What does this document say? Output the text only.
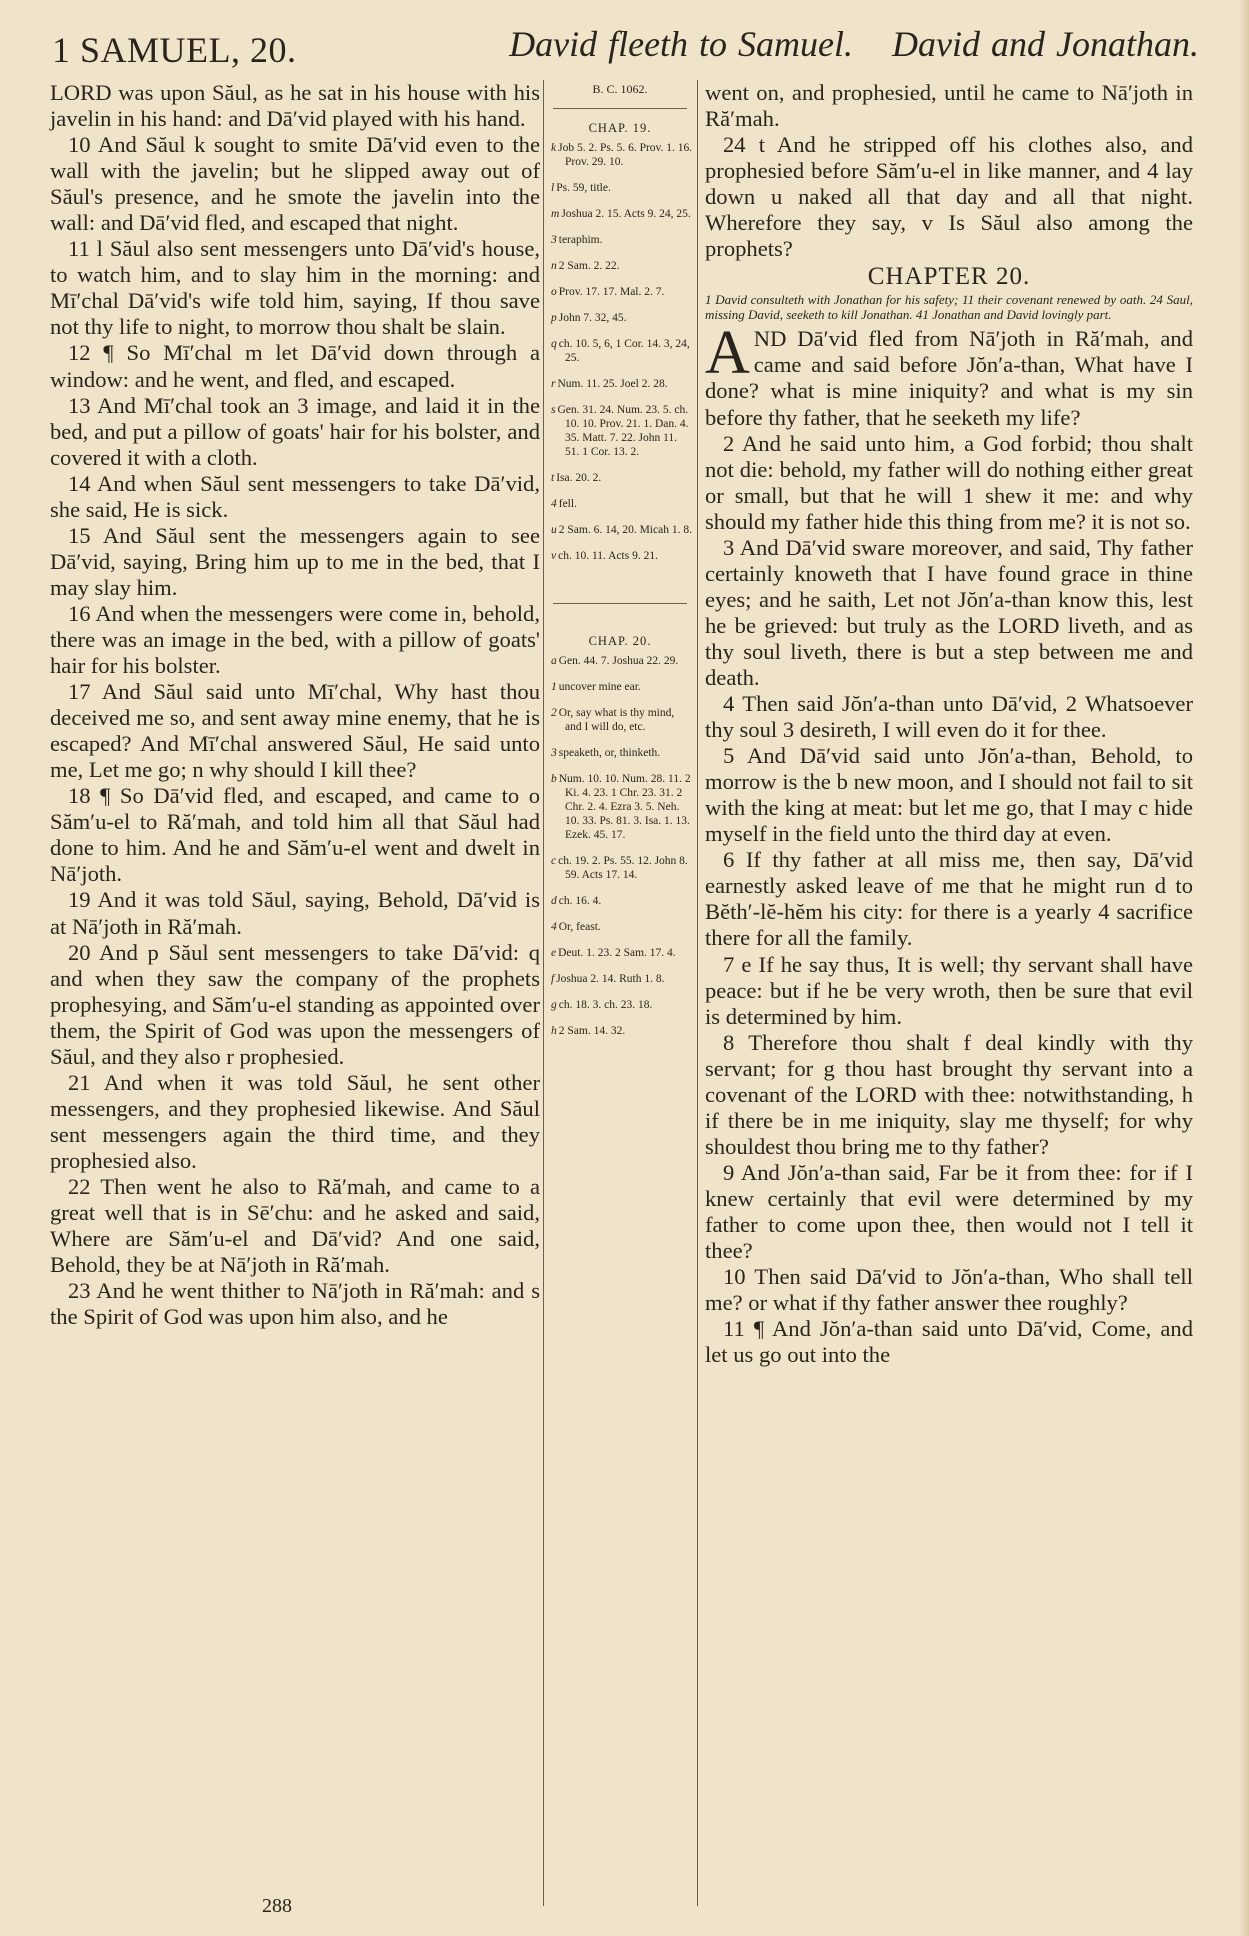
1 SAMUEL, 20.	David fleeth to Samuel. David and Jonathan.

LORD was upon Săul, as he sat in his house with his javelin in his hand: and Dā′vid played with his hand.

10 And Săul k sought to smite Dā′vid even to the wall with the javelin; but he slipped away out of Săul's presence, and he smote the javelin into the wall: and Dā′vid fled, and escaped that night.

11 l Săul also sent messengers unto Dā′vid's house, to watch him, and to slay him in the morning: and Mī′chal Dā′vid's wife told him, saying, If thou save not thy life to night, to morrow thou shalt be slain.

12 ¶ So Mī′chal m let Dā′vid down through a window: and he went, and fled, and escaped.

13 And Mī′chal took an 3 image, and laid it in the bed, and put a pillow of goats' hair for his bolster, and covered it with a cloth.

14 And when Săul sent messengers to take Dā′vid, she said, He is sick.

15 And Săul sent the messengers again to see Dā′vid, saying, Bring him up to me in the bed, that I may slay him.

16 And when the messengers were come in, behold, there was an image in the bed, with a pillow of goats' hair for his bolster.

17 And Săul said unto Mī′chal, Why hast thou deceived me so, and sent away mine enemy, that he is escaped? And Mī′chal answered Săul, He said unto me, Let me go; n why should I kill thee?

18 ¶ So Dā′vid fled, and escaped, and came to o Săm′u-el to Ră′mah, and told him all that Săul had done to him. And he and Săm′u-el went and dwelt in Nā′joth.

19 And it was told Săul, saying, Behold, Dā′vid is at Nā′joth in Ră′mah.

20 And p Săul sent messengers to take Dā′vid: q and when they saw the company of the prophets prophesying, and Săm′u-el standing as appointed over them, the Spirit of God was upon the messengers of Săul, and they also r prophesied.

21 And when it was told Săul, he sent other messengers, and they prophesied likewise. And Săul sent messengers again the third time, and they prophesied also.

22 Then went he also to Ră′mah, and came to a great well that is in Sē′chu: and he asked and said, Where are Săm′u-el and Dā′vid? And one said, Behold, they be at Nā′joth in Ră′mah.

23 And he went thither to Nā′joth in Ră′mah: and s the Spirit of God was upon him also, and he

B. C. 1062.
CHAP. 19.
k Job 5. 2. Ps. 5. 6. Prov. 1. 16. Prov. 29. 10.
l Ps. 59, title.
m Joshua 2. 15. Acts 9. 24, 25.
3 teraphim.
n 2 Sam. 2. 22.
o Prov. 17. 17. Mal. 2. 7.
p John 7. 32, 45.
q ch. 10. 5, 6, 1 Cor. 14. 3, 24, 25.
r Num. 11. 25. Joel 2. 28.
s Gen. 31. 24. Num. 23. 5. ch. 10. 10. Prov. 21. 1. Dan. 4. 35. Matt. 7. 22. John 11. 51. 1 Cor. 13. 2.
t Isa. 20. 2.
4 fell.
u 2 Sam. 6. 14, 20. Micah 1. 8.
v ch. 10. 11. Acts 9. 21.
CHAP. 20.
a Gen. 44. 7. Joshua 22. 29.
1 uncover mine ear.
2 Or, say what is thy mind, and I will do, etc.
3 speaketh, or, thinketh.
b Num. 10. 10. Num. 28. 11. 2 Ki. 4. 23. 1 Chr. 23. 31. 2 Chr. 2. 4. Ezra 3. 5. Neh. 10. 33. Ps. 81. 3. Isa. 1. 13. Ezek. 45. 17.
c ch. 19. 2. Ps. 55. 12. John 8. 59. Acts 17. 14.
d ch. 16. 4.
4 Or, feast.
e Deut. 1. 23. 2 Sam. 17. 4.
f Joshua 2. 14. Ruth 1. 8.
g ch. 18. 3. ch. 23. 18.
h 2 Sam. 14. 32.

went on, and prophesied, until he came to Nā′joth in Ră′mah.

24 t And he stripped off his clothes also, and prophesied before Săm′u-el in like manner, and 4 lay down u naked all that day and all that night. Wherefore they say, v Is Săul also among the prophets?

CHAPTER 20.
1 David consulteth with Jonathan for his safety; 11 their covenant renewed by oath. 24 Saul, missing David, seeketh to kill Jonathan. 41 Jonathan and David lovingly part.

AND Dā′vid fled from Nā′joth in Ră′mah, and came and said before Jŏn′a-than, What have I done? what is mine iniquity? and what is my sin before thy father, that he seeketh my life?

2 And he said unto him, a God forbid; thou shalt not die: behold, my father will do nothing either great or small, but that he will 1 shew it me: and why should my father hide this thing from me? it is not so.

3 And Dā′vid sware moreover, and said, Thy father certainly knoweth that I have found grace in thine eyes; and he saith, Let not Jŏn′a-than know this, lest he be grieved: but truly as the LORD liveth, and as thy soul liveth, there is but a step between me and death.

4 Then said Jŏn′a-than unto Dā′vid, 2 Whatsoever thy soul 3 desireth, I will even do it for thee.

5 And Dā′vid said unto Jŏn′a-than, Behold, to morrow is the b new moon, and I should not fail to sit with the king at meat: but let me go, that I may c hide myself in the field unto the third day at even.

6 If thy father at all miss me, then say, Dā′vid earnestly asked leave of me that he might run d to Bĕth′-lĕ-hĕm his city: for there is a yearly 4 sacrifice there for all the family.

7 e If he say thus, It is well; thy servant shall have peace: but if he be very wroth, then be sure that evil is determined by him.

8 Therefore thou shalt f deal kindly with thy servant; for g thou hast brought thy servant into a covenant of the LORD with thee: notwithstanding, h if there be in me iniquity, slay me thyself; for why shouldest thou bring me to thy father?

9 And Jŏn′a-than said, Far be it from thee: for if I knew certainly that evil were determined by my father to come upon thee, then would not I tell it thee?

10 Then said Dā′vid to Jŏn′a-than, Who shall tell me? or what if thy father answer thee roughly?

11 ¶ And Jŏn′a-than said unto Dā′vid, Come, and let us go out into the

288
